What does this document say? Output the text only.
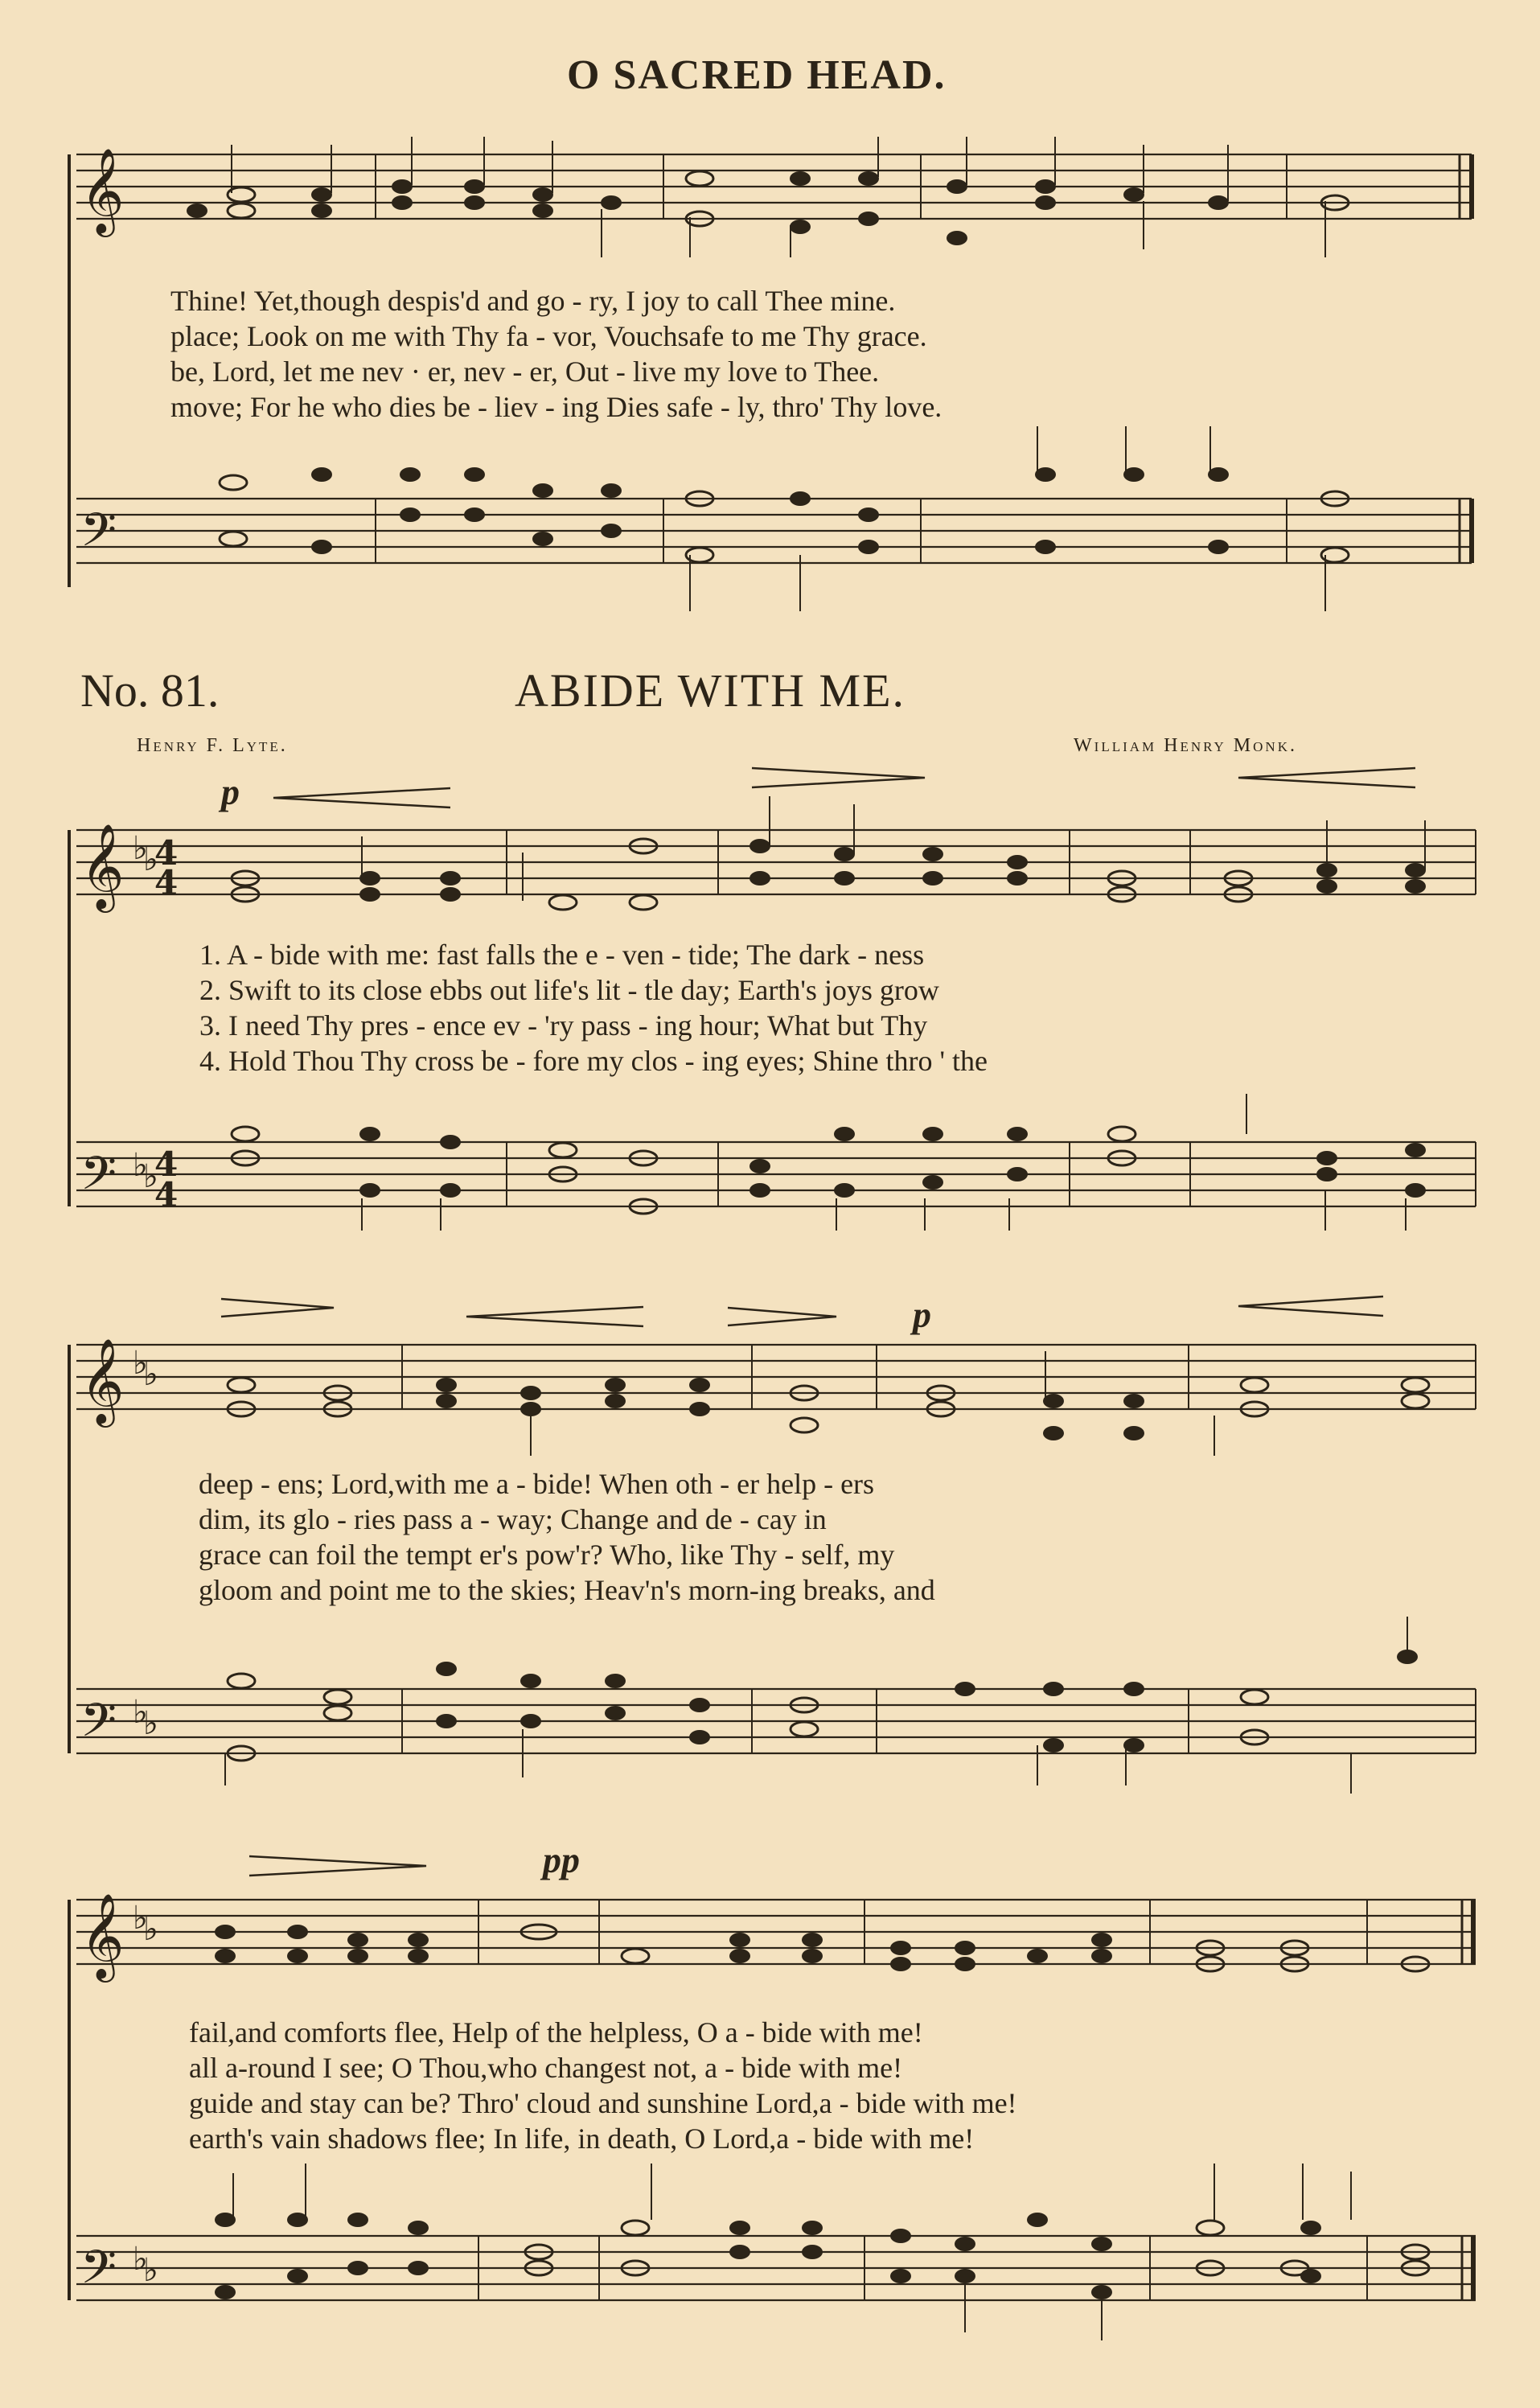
O SACRED HEAD.
𝄞
𝄢
𝄞 ♭
♭
4
4
𝄢 ♭
♭
4
4
𝄞 ♭
♭
𝄢 ♭
♭
𝄞 ♭
♭
𝄢 ♭
♭
Thine! Yet,though despis'd and go - ry, I joy to call Thee mine.
place; Look on me with Thy fa - vor, Vouchsafe to me Thy grace.
be, Lord, let me nev · er, nev - er, Out - live my love to Thee.
move; For he who dies be - liev - ing Dies safe - ly, thro' Thy love.
No. 81.	ABIDE WITH ME.
Henry F. Lyte.	William Henry Monk.
p
p
pp
1. A - bide with me: fast falls the e - ven - tide; The dark - ness
2. Swift to its close ebbs out life's lit - tle day; Earth's joys grow
3. I need Thy pres - ence ev - 'ry pass - ing hour; What but Thy
4. Hold Thou Thy cross be - fore my clos - ing eyes; Shine thro ' the
deep - ens; Lord,with me a - bide! When oth - er help - ers
dim, its glo - ries pass a - way; Change and de - cay in
grace can foil the tempt er's pow'r? Who, like Thy - self, my
gloom and point me to the skies; Heav'n's morn-ing breaks, and
fail,and comforts flee, Help of the helpless, O a - bide with me!
all a-round I see; O Thou,who changest not, a - bide with me!
guide and stay can be? Thro' cloud and sunshine Lord,a - bide with me!
earth's vain shadows flee; In life, in death, O Lord,a - bide with me!
